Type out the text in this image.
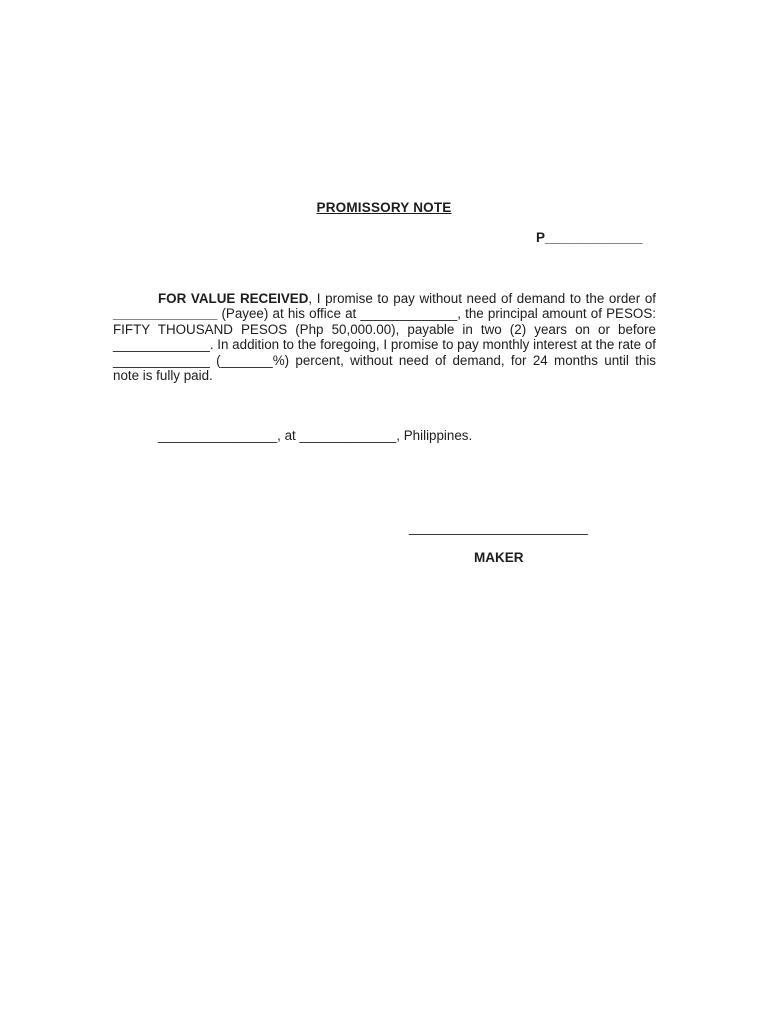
PROMISSORY NOTE
P_____________

FOR VALUE RECEIVED, I promise to pay without need of demand to the order of ______________ (Payee) at his office at _____________, the principal amount of PESOS: FIFTY THOUSAND PESOS (Php 50,000.00), payable in two (2) years on or before _____________. In addition to the foregoing, I promise to pay monthly interest at the rate of _____________ (_______%) percent, without need of demand, for 24 months until this note is fully paid.

________________, at _____________, Philippines.
________________________
MAKER
